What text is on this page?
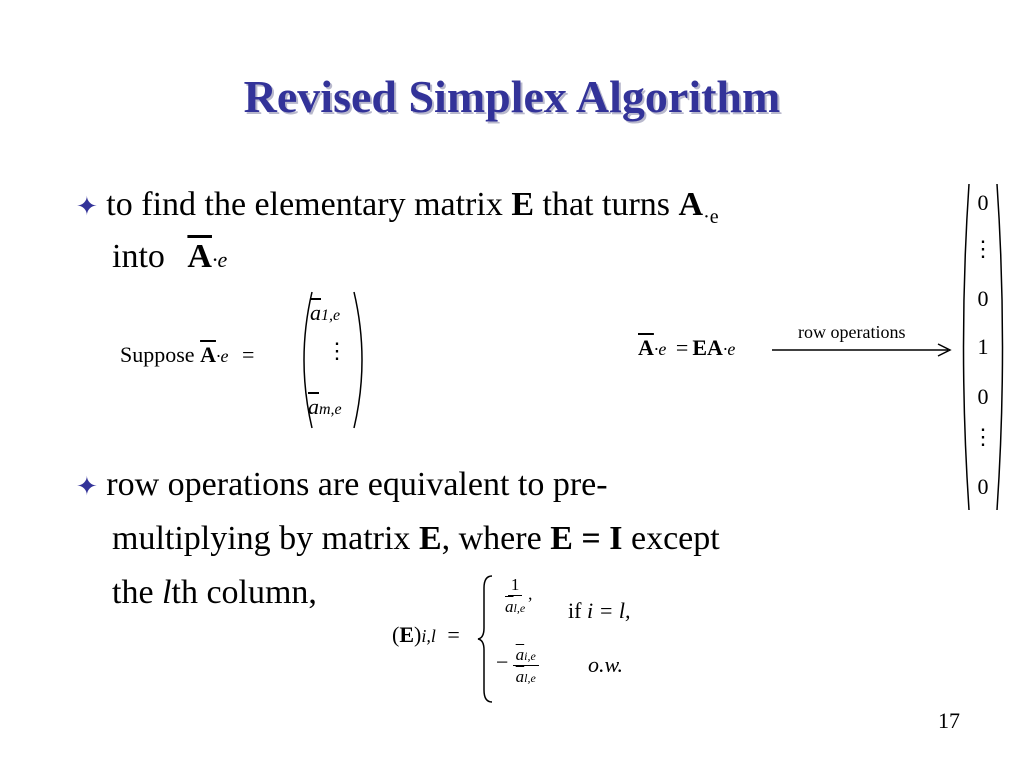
Revised Simplex Algorithm
✦ to find the elementary matrix E that turns $A_{\cdot e}$
into $\overline{A}\cdot e$
Suppose $\overline{A}\cdot e$ =
$\overline{a}1,e$
⋮
$\overline{a}m,e$
$\overline{A}\cdot e = EA\cdot e$
row operations
0
⋮
0
1
0
⋮
0
✦ row operations are equivalent to pre-
multiplying by matrix E, where E = I except
the lth column,
(E)i,l =
$\frac{1}{\overline{a}l,e}$ ,
if i = l,
− $\frac{\overline{a}i,e}{\overline{a}l,e} o.w$.
17
